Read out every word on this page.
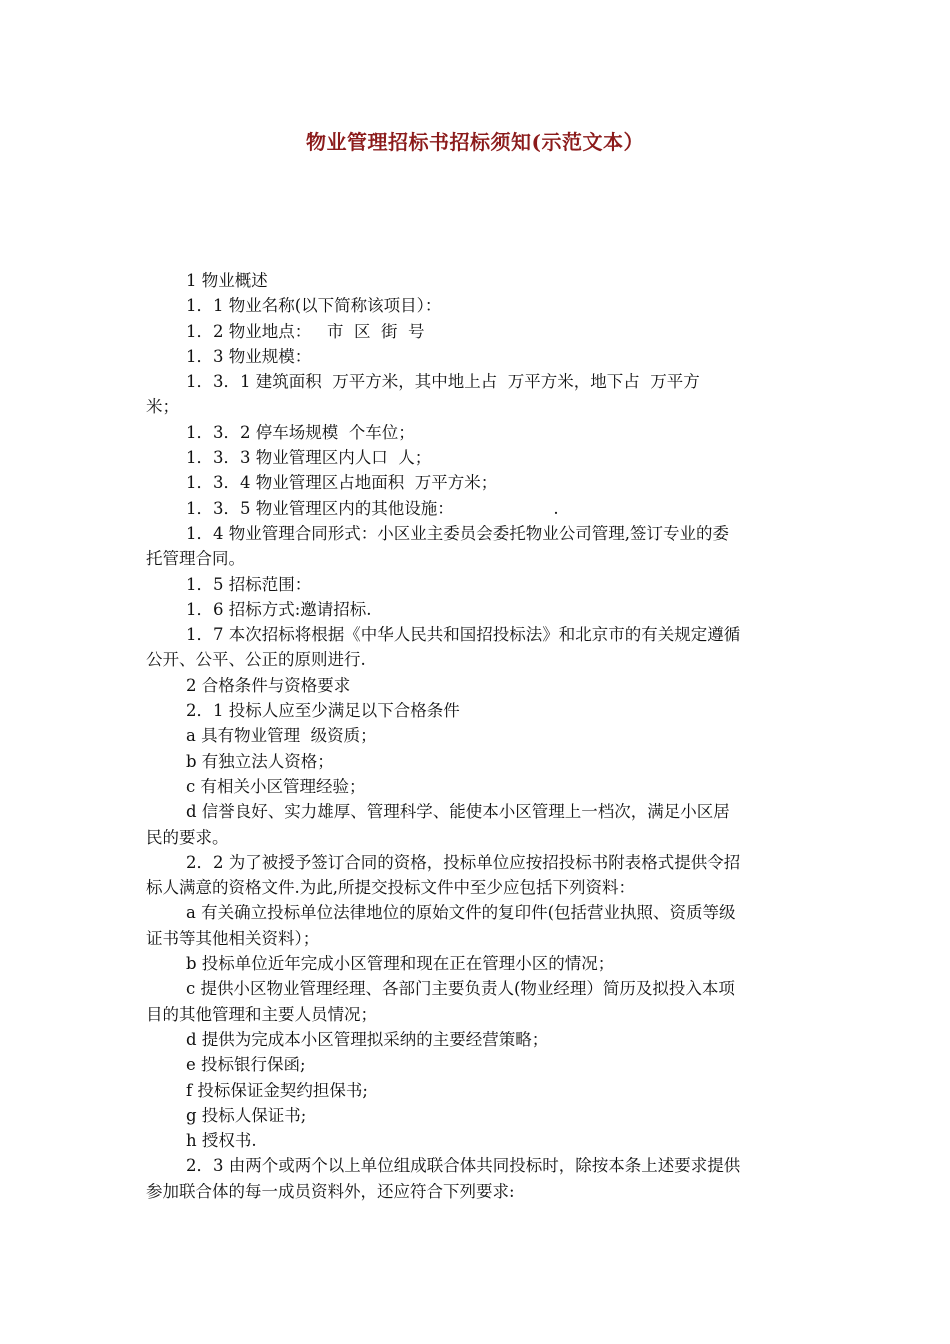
物业管理招标书招标须知(示范文本）
1 物业概述
1．1 物业名称(以下简称该项目）：
1．2 物业地点：   市  区  街  号
1．3 物业规模：
1．3．1 建筑面积  万平方米，其中地上占  万平方米，地下占  万平方
米；
1．3．2 停车场规模  个车位；
1．3．3 物业管理区内人口  人；
1．3．4 物业管理区占地面积  万平方米；
1．3．5 物业管理区内的其他设施：                   .
1．4 物业管理合同形式：小区业主委员会委托物业公司管理,签订专业的委
托管理合同。
1．5 招标范围：
1．6 招标方式:邀请招标.
1．7 本次招标将根据《中华人民共和国招投标法》和北京市的有关规定遵循
公开、公平、公正的原则进行.
2 合格条件与资格要求
2．1 投标人应至少满足以下合格条件
a 具有物业管理  级资质；
b 有独立法人资格；
c 有相关小区管理经验；
d 信誉良好、实力雄厚、管理科学、能使本小区管理上一档次，满足小区居
民的要求。
2．2 为了被授予签订合同的资格，投标单位应按招投标书附表格式提供令招
标人满意的资格文件.为此,所提交投标文件中至少应包括下列资料：
a 有关确立投标单位法律地位的原始文件的复印件(包括营业执照、资质等级
证书等其他相关资料）；
b 投标单位近年完成小区管理和现在正在管理小区的情况；
c 提供小区物业管理经理、各部门主要负责人(物业经理）简历及拟投入本项
目的其他管理和主要人员情况；
d 提供为完成本小区管理拟采纳的主要经营策略；
e 投标银行保函;
f 投标保证金契约担保书;
g 投标人保证书;
h 授权书.
2．3 由两个或两个以上单位组成联合体共同投标时，除按本条上述要求提供
参加联合体的每一成员资料外，还应符合下列要求:
